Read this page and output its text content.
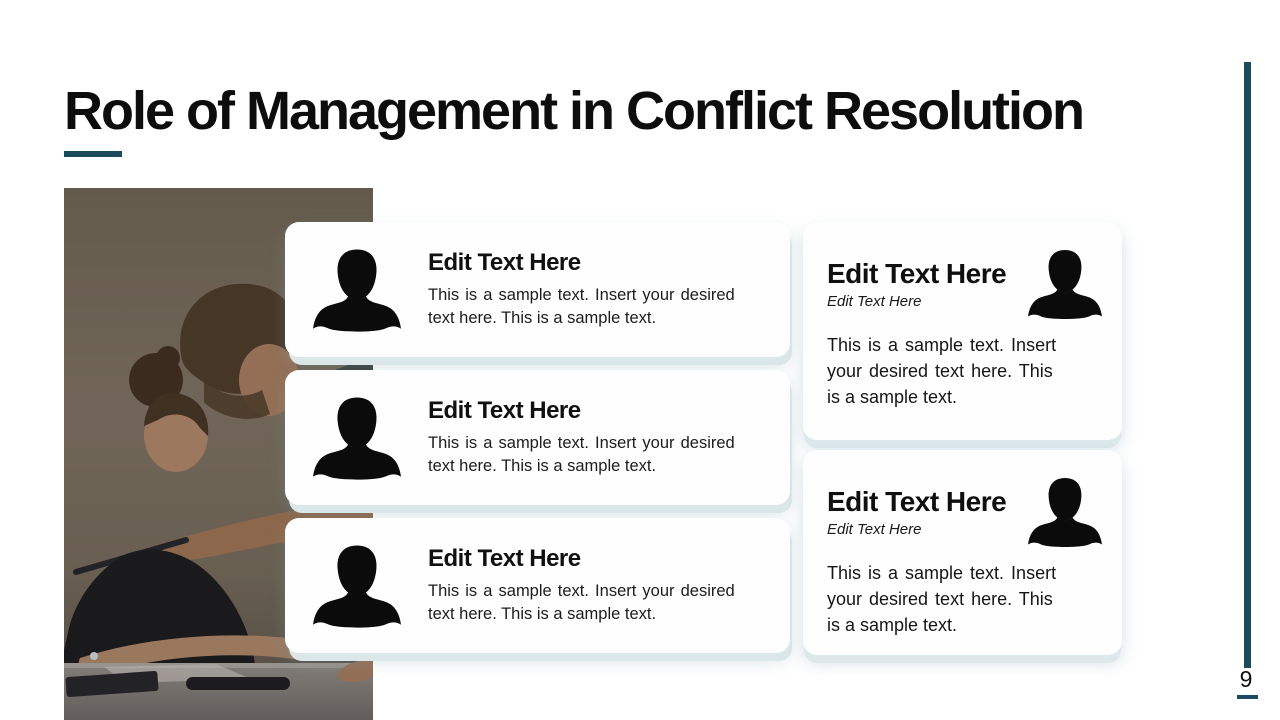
Role of Management in Conflict Resolution
Edit Text Here
This is a sample text. Insert your desired
text here. This is a sample text.
Edit Text Here
This is a sample text. Insert your desired
text here. This is a sample text.
Edit Text Here
This is a sample text. Insert your desired
text here. This is a sample text.
Edit Text Here
Edit Text Here
This is a sample text. Insert
your desired text here. This
is a sample text.
Edit Text Here
Edit Text Here
This is a sample text. Insert
your desired text here. This
is a sample text.
9
